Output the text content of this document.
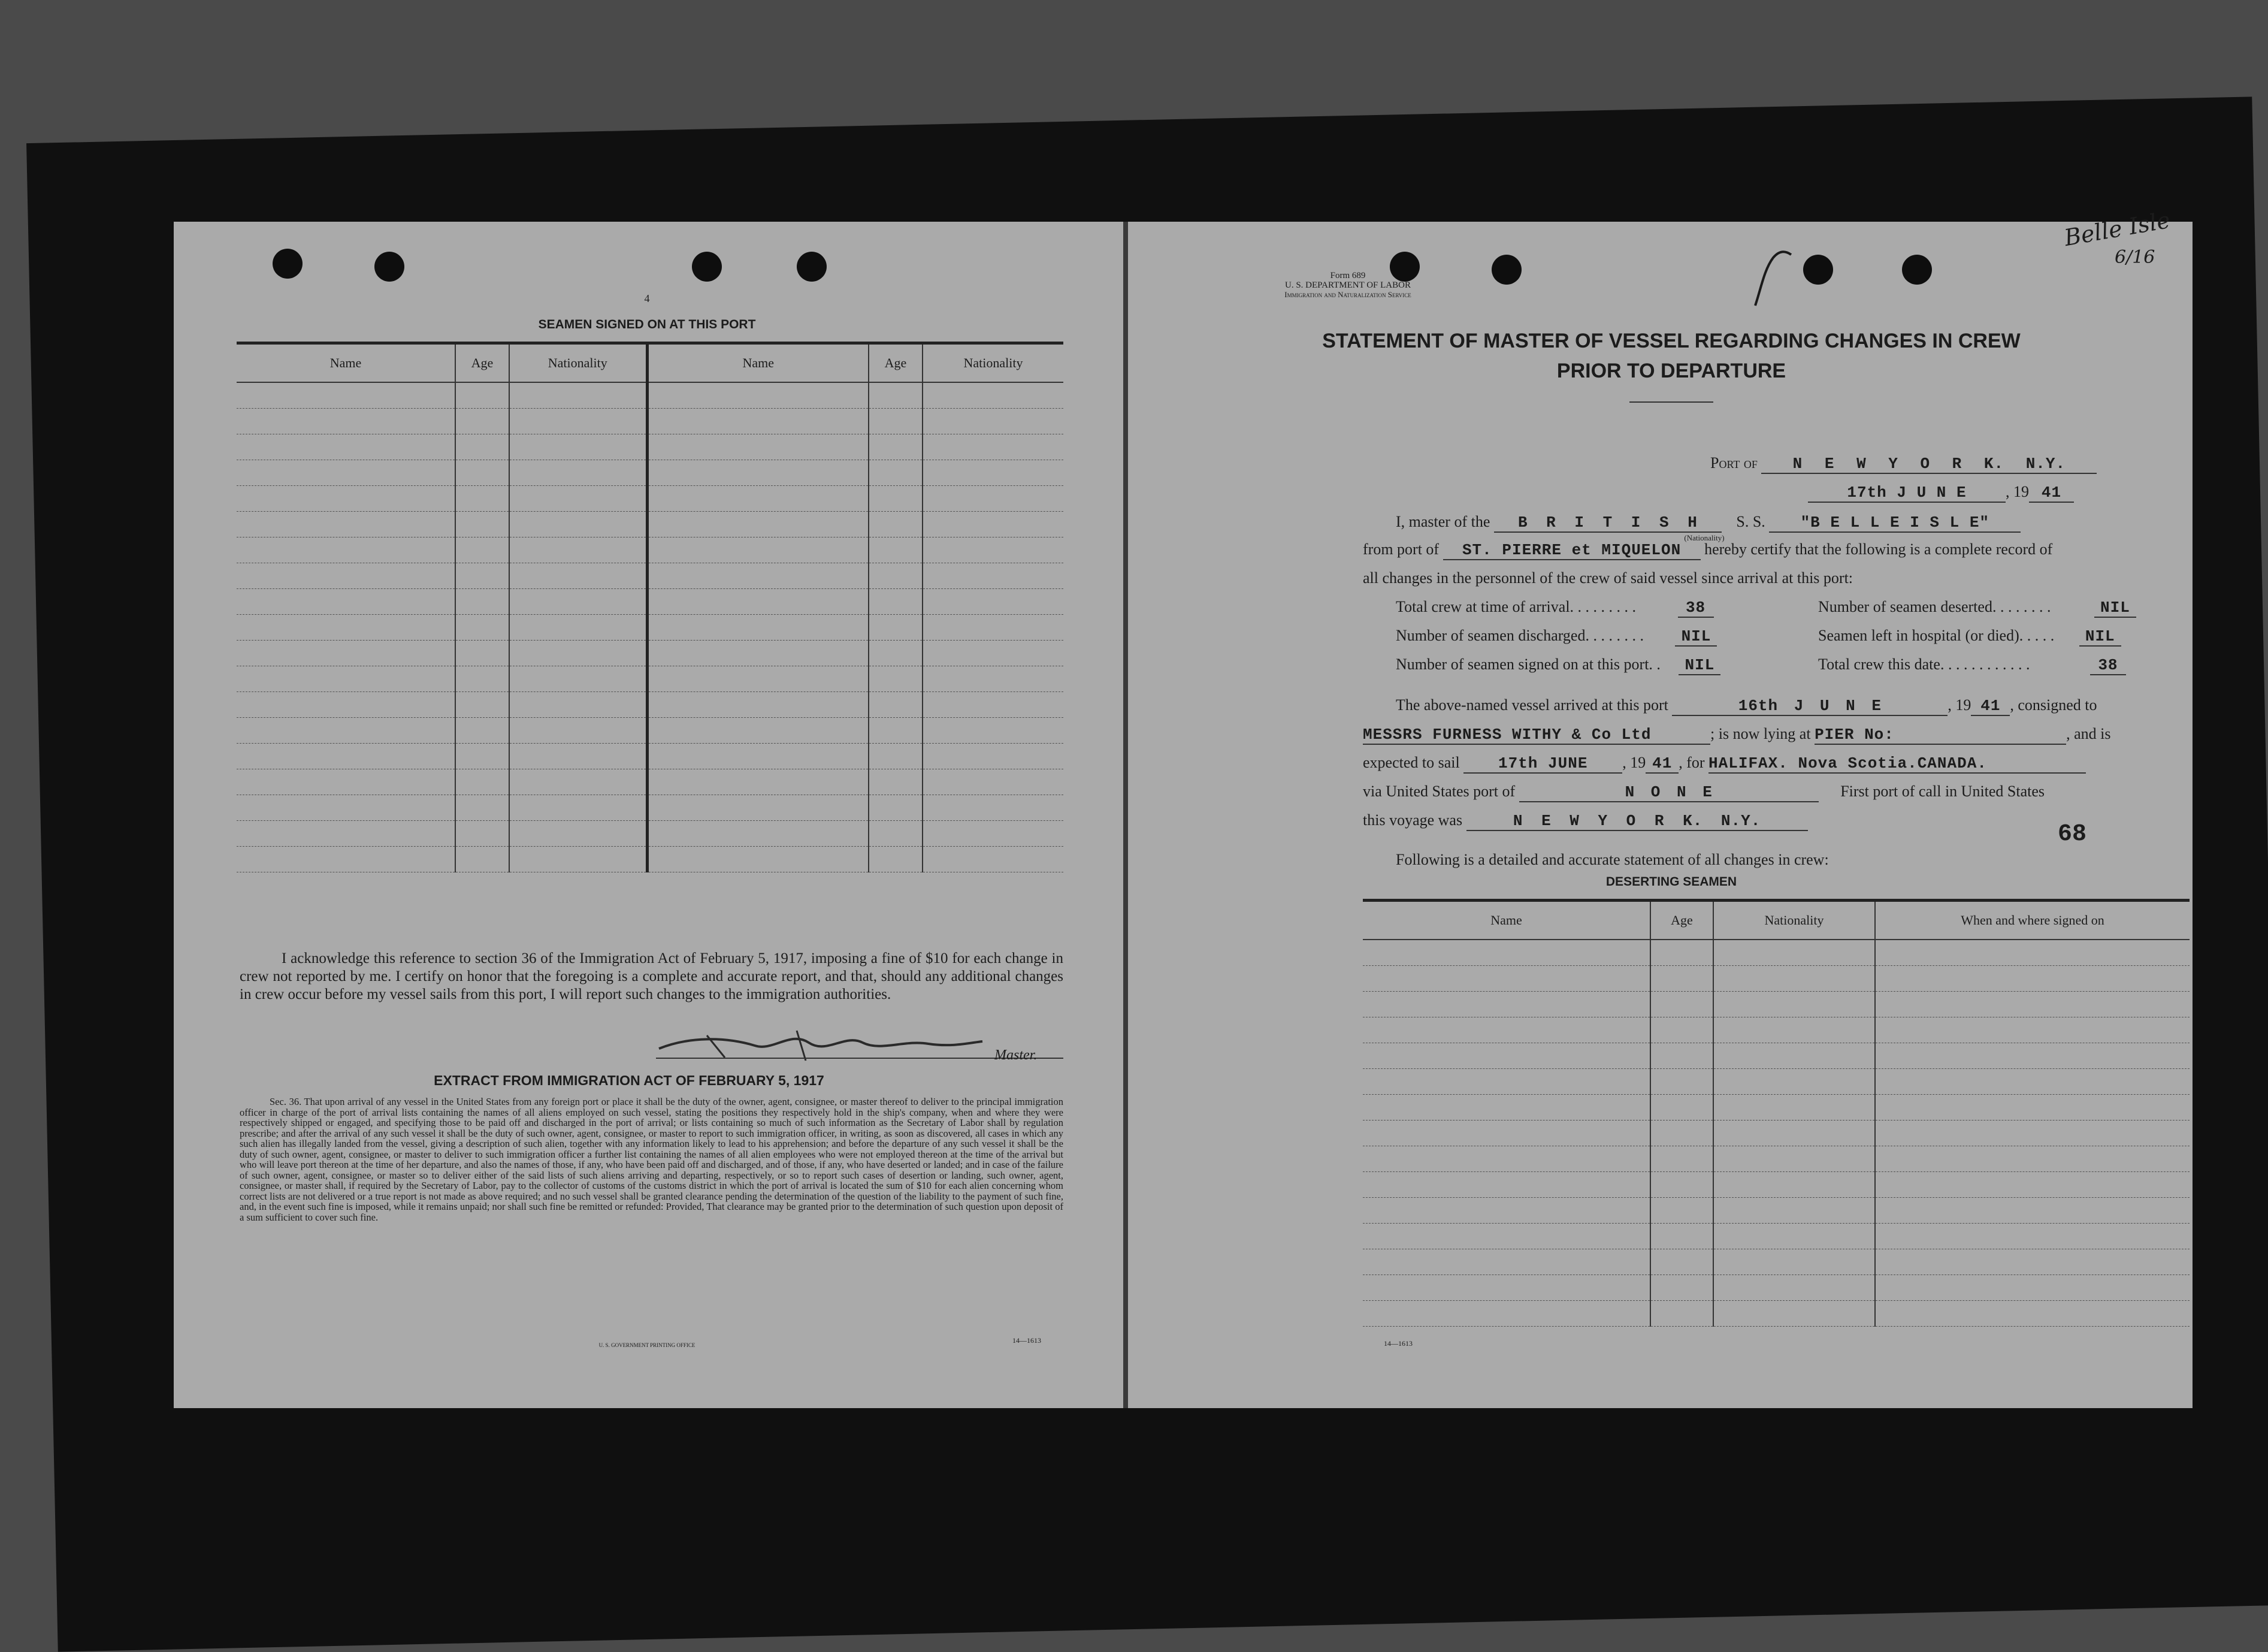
4
SEAMEN SIGNED ON AT THIS PORT
Name	Age	Nationality	Name	Age	Nationality

I acknowledge this reference to section 36 of the Immigration Act of February 5, 1917, imposing a fine of $10 for each change in crew not reported by me. I certify on honor that the foregoing is a complete and accurate report, and that, should any additional changes in crew occur before my vessel sails from this port, I will report such changes to the immigration authorities.
Master.
EXTRACT FROM IMMIGRATION ACT OF FEBRUARY 5, 1917
Sec. 36. That upon arrival of any vessel in the United States from any foreign port or place it shall be the duty of the owner, agent, consignee, or master thereof to deliver to the principal immigration officer in charge of the port of arrival lists containing the names of all aliens employed on such vessel, stating the positions they respectively hold in the ship's company, when and where they were respectively shipped or engaged, and specifying those to be paid off and discharged in the port of arrival; or lists containing so much of such information as the Secretary of Labor shall by regulation prescribe; and after the arrival of any such vessel it shall be the duty of such owner, agent, consignee, or master to report to such immigration officer, in writing, as soon as discovered, all cases in which any such alien has illegally landed from the vessel, giving a description of such alien, together with any information likely to lead to his apprehension; and before the departure of any such vessel it shall be the duty of such owner, agent, consignee, or master to deliver to such immigration officer a further list containing the names of all alien employees who were not employed thereon at the time of the arrival but who will leave port thereon at the time of her departure, and also the names of those, if any, who have been paid off and discharged, and of those, if any, who have deserted or landed; and in case of the failure of such owner, agent, consignee, or master so to deliver either of the said lists of such aliens arriving and departing, respectively, or so to report such cases of desertion or landing, such owner, agent, consignee, or master shall, if required by the Secretary of Labor, pay to the collector of customs of the customs district in which the port of arrival is located the sum of $10 for each alien concerning whom correct lists are not delivered or a true report is not made as above required; and no such vessel shall be granted clearance pending the determination of the question of the liability to the payment of such fine, and, in the event such fine is imposed, while it remains unpaid; nor shall such fine be remitted or refunded: Provided, That clearance may be granted prior to the determination of such question upon deposit of a sum sufficient to cover such fine.
U. S. GOVERNMENT PRINTING OFFICE
14—1613
Belle Isle
6/16
Form 689
U. S. DEPARTMENT OF LABOR
Immigration and Naturalization Service
STATEMENT OF MASTER OF VESSEL REGARDING CHANGES IN CREW
PRIOR TO DEPARTURE
Port of N E W Y O R K. N.Y.
17th J U N E	, 19 41
I, master of the B R I T I S H S. S. "B E L L E I S L E"
(Nationality)
from port of ST. PIERRE et MIQUELON hereby certify that the following is a complete record of
all changes in the personnel of the crew of said vessel since arrival at this port:
Total crew at time of arrival. . . . . . . . .	38	Number of seamen deserted. . . . . . . .	NIL
Number of seamen discharged. . . . . . . . NIL	Seamen left in hospital (or died). . . . . NIL
Number of seamen signed on at this port. . NIL	Total crew this date. . . . . . . . . . . .	38
The above-named vessel arrived at this port	16th J U N E	, 19 41 , consigned to
MESSRS FURNESS WITHY & Co Ltd	; is now lying at PIER No:	, and is
expected to sail 17th JUNE , 19 41 , for HALIFAX. Nova Scotia.CANADA.
via United States port of	N O N E	First port of call in United States
this voyage was	N E W Y O R K. N.Y.	68
Following is a detailed and accurate statement of all changes in crew:
DESERTING SEAMEN
Name	Age	Nationality	When and where signed on

14—1613
